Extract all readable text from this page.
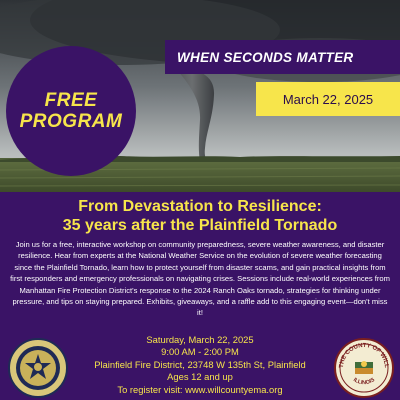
FREE
PROGRAM
WHEN SECONDS MATTER
March 22, 2025
From Devastation to Resilience:
35 years after the Plainfield Tornado
Join us for a free, interactive workshop on community preparedness, severe weather awareness, and disaster resilience. Hear from experts at the National Weather Service on the evolution of severe weather forecasting since the Plainfield Tornado, learn how to protect yourself from disaster scams, and gain practical insights from first responders and emergency professionals on navigating crises. Sessions include real-world experiences from Manhattan Fire Protection District's response to the 2024 Ranch Oaks tornado, strategies for thinking under pressure, and tips on staying prepared. Exhibits, giveaways, and a raffle add to this engaging event—don't miss it!
Saturday, March 22, 2025
9:00 AM - 2:00 PM
Plainfield Fire District, 23748 W 135th St, Plainfield
Ages 12 and up
To register visit: www.willcountyema.org
THE COUNTY OF WILL
ILLINOIS
